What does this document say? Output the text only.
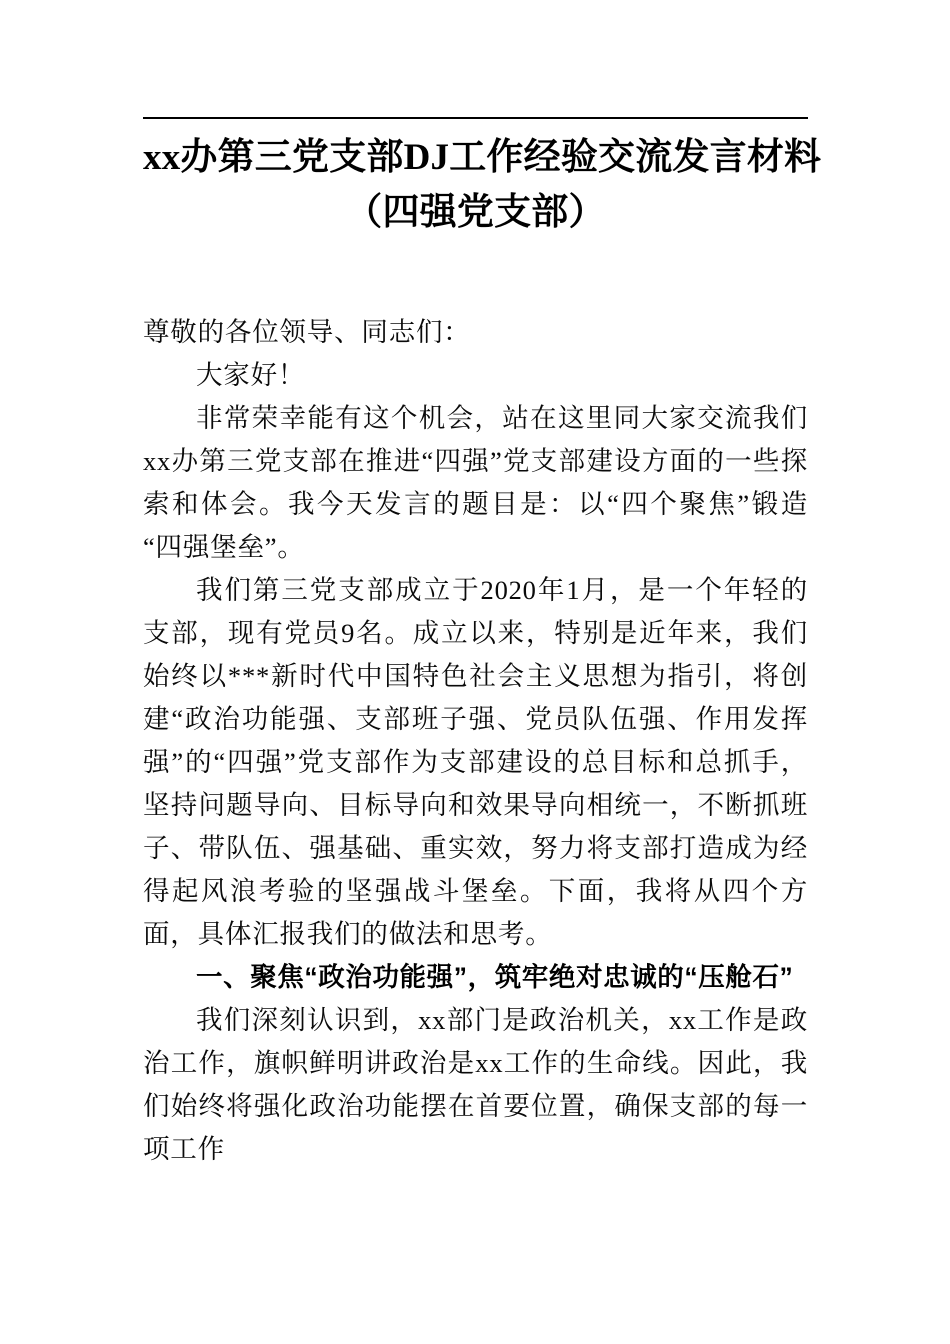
xx办第三党支部DJ工作经验交流发言材料
（四强党支部）

尊敬的各位领导、同志们：

大家好！

非常荣幸能有这个机会，站在这里同大家交流我们xx办第三党支部在推进“四强”党支部建设方面的一些探索和体会。我今天发言的题目是：以“四个聚焦”锻造“四强堡垒”。

我们第三党支部成立于2020年1月，是一个年轻的支部，现有党员9名。成立以来，特别是近年来，我们始终以***新时代中国特色社会主义思想为指引，将创建“政治功能强、支部班子强、党员队伍强、作用发挥强”的“四强”党支部作为支部建设的总目标和总抓手，坚持问题导向、目标导向和效果导向相统一，不断抓班子、带队伍、强基础、重实效，努力将支部打造成为经得起风浪考验的坚强战斗堡垒。下面，我将从四个方面，具体汇报我们的做法和思考。

一、聚焦“政治功能强”，筑牢绝对忠诚的“压舱石”

我们深刻认识到，xx部门是政治机关，xx工作是政治工作，旗帜鲜明讲政治是xx工作的生命线。因此，我们始终将强化政治功能摆在首要位置，确保支部的每一项工作
